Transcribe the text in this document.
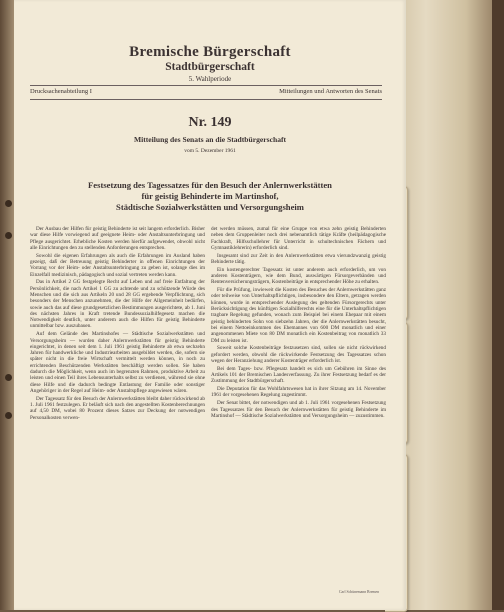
Bremische Bürgerschaft
Stadtbürgerschaft
5. Wahlperiode
Drucksachenabteilung I	Mitteilungen und Antworten des Senats
Nr. 149
Mitteilung des Senats an die Stadtbürgerschaft
vom 5. Dezember 1961
Festsetzung des Tagessatzes für den Besuch der Anlernwerkstätten
für geistig Behinderte im Martinshof,
Städtische Sozialwerkstätten und Versorgungsheim

Der Ausbau der Hilfen für geistig Behinderte ist seit langem erforderlich. Bisher war diese Hilfe vorwiegend auf geeignete Heim- oder Anstaltsunterbringung und Pflege ausgerichtet. Erhebliche Kosten werden hierfür aufgewendet, obwohl nicht alle Einrichtungen den zu stellenden Anforderungen entsprechen.

Sowohl die eigenen Erfahrungen als auch die Erfahrungen im Ausland haben gezeigt, daß der Betreuung geistig Behinderter in offenen Einrichtungen der Vorrang vor der Heim- oder Anstaltsunterbringung zu geben ist, solange dies im Einzelfall medizinisch, pädagogisch und sozial vertreten werden kann.

Das in Artikel 2 GG festgelegte Recht auf Leben und auf freie Entfaltung der Persönlichkeit, die nach Artikel 1 GG zu achtende und zu schützende Würde des Menschen und die sich aus Artikeln 20 und 28 GG ergebende Verpflichtung, sich besonders der Menschen anzunehmen, die der Hilfe der Allgemeinheit bedürfen, sowie auch das auf diese grundgesetzlichen Bestimmungen ausgerichtete, ab 1. Juni des nächsten Jahres in Kraft tretende Bundessozialhilfegesetz machen die Notwendigkeit deutlich, unter anderem auch die Hilfen für geistig Behinderte unmittelbar bzw. auszubauen.

Auf dem Gelände des Martinshofes — Städtische Sozialwerkstätten und Versorgungsheim — wurden daher Anlernwerkstätten für geistig Behinderte eingerichtet, in denen seit dem 1. Juli 1961 geistig Behinderte ab etwa sechzehn Jahren für handwerkliche und Industriearbeiten ausgebildet werden, die, sofern sie später nicht in die freie Wirtschaft vermittelt werden können, in noch zu errichtenden Beschützenden Werkstätten beschäftigt werden sollen. Sie haben dadurch die Möglichkeit, wenn auch im begrenzten Rahmen, produktive Arbeit zu leisten und einen Teil ihres Lebensunterhalts selbst zu verdienen, während sie ohne diese Hilfe und die dadurch bedingte Entlastung der Familie oder sonstiger Angehöriger in der Regel auf Heim- oder Anstaltspflege angewiesen wären.

Der Tagessatz für den Besuch der Anlernwerkstätten bleibt daher rückwirkend ab 1. Juli 1961 festzulegen. Er beläuft sich nach den angestellten Kostenberechnungen auf 4,50 DM, wobei 80 Prozent dieses Satzes zur Deckung der notwendigen Personalkosten verwen-

det werden müssen, zumal für eine Gruppe von etwa zehn geistig Behinderten neben dem Gruppenleiter noch drei nebenamtlich tätige Kräfte (heilpädagogische Fachkraft, Hilfsschullehrer für Unterricht in schultechnischen Fächern und Gymnastiklehrerin) erforderlich sind.

Insgesamt sind zur Zeit in den Anlernwerkstätten etwa vierundzwanzig geistig Behinderte tätig.

Ein kostengerechter Tagessatz ist unter anderem auch erforderlich, um von anderen Kostenträgern, wie dem Bund, auswärtigen Fürsorgeverbänden und Rentenversicherungsträgern, Kostenbeiträge in entsprechender Höhe zu erhalten.

Für die Prüfung, inwieweit die Kosten des Besuches der Anlernwerkstätten ganz oder teilweise von Unterhaltspflichtigen, insbesondere den Eltern, getragen werden können, wurde in entsprechender Auslegung des geltenden Fürsorgerechts unter Berücksichtigung des künftigen Sozialhilferechts eine für die Unterhaltspflichtigen tragbare Regelung gefunden, wonach zum Beispiel bei einem Ehepaar mit einem geistig behinderten Sohn von siebzehn Jahren, der die Anlernwerkstätten besucht, bei einem Nettoeinkommen des Ehemannes von 600 DM monatlich und einer angenommenen Miete von 80 DM monatlich ein Kostenbeitrag von monatlich 33 DM zu leisten ist.

Soweit solche Kostenbeiträge festzusetzen sind, sollen sie nicht rückwirkend gefordert werden, obwohl die rückwirkende Festsetzung des Tagessatzes schon wegen der Heranziehung anderer Kostenträger erforderlich ist.

Bei dem Tages- bzw. Pflegesatz handelt es sich um Gebühren im Sinne des Artikels 101 der Bremischen Landesverfassung. Zu ihrer Festsetzung bedarf es der Zustimmung der Stadtbürgerschaft.

Die Deputation für das Wohlfahrtswesen hat in ihrer Sitzung am 14. November 1961 der vorgesehenen Regelung zugestimmt.

Der Senat bittet, der notwendigen und ab 1. Juli 1961 vorgesehenen Festsetzung des Tagessatzes für den Besuch der Anlernwerkstätten für geistig Behinderte im Martinshof — Städtische Sozialwerkstätten und Versorgungsheim — zuzustimmen.

Carl Schünemann Bremen
